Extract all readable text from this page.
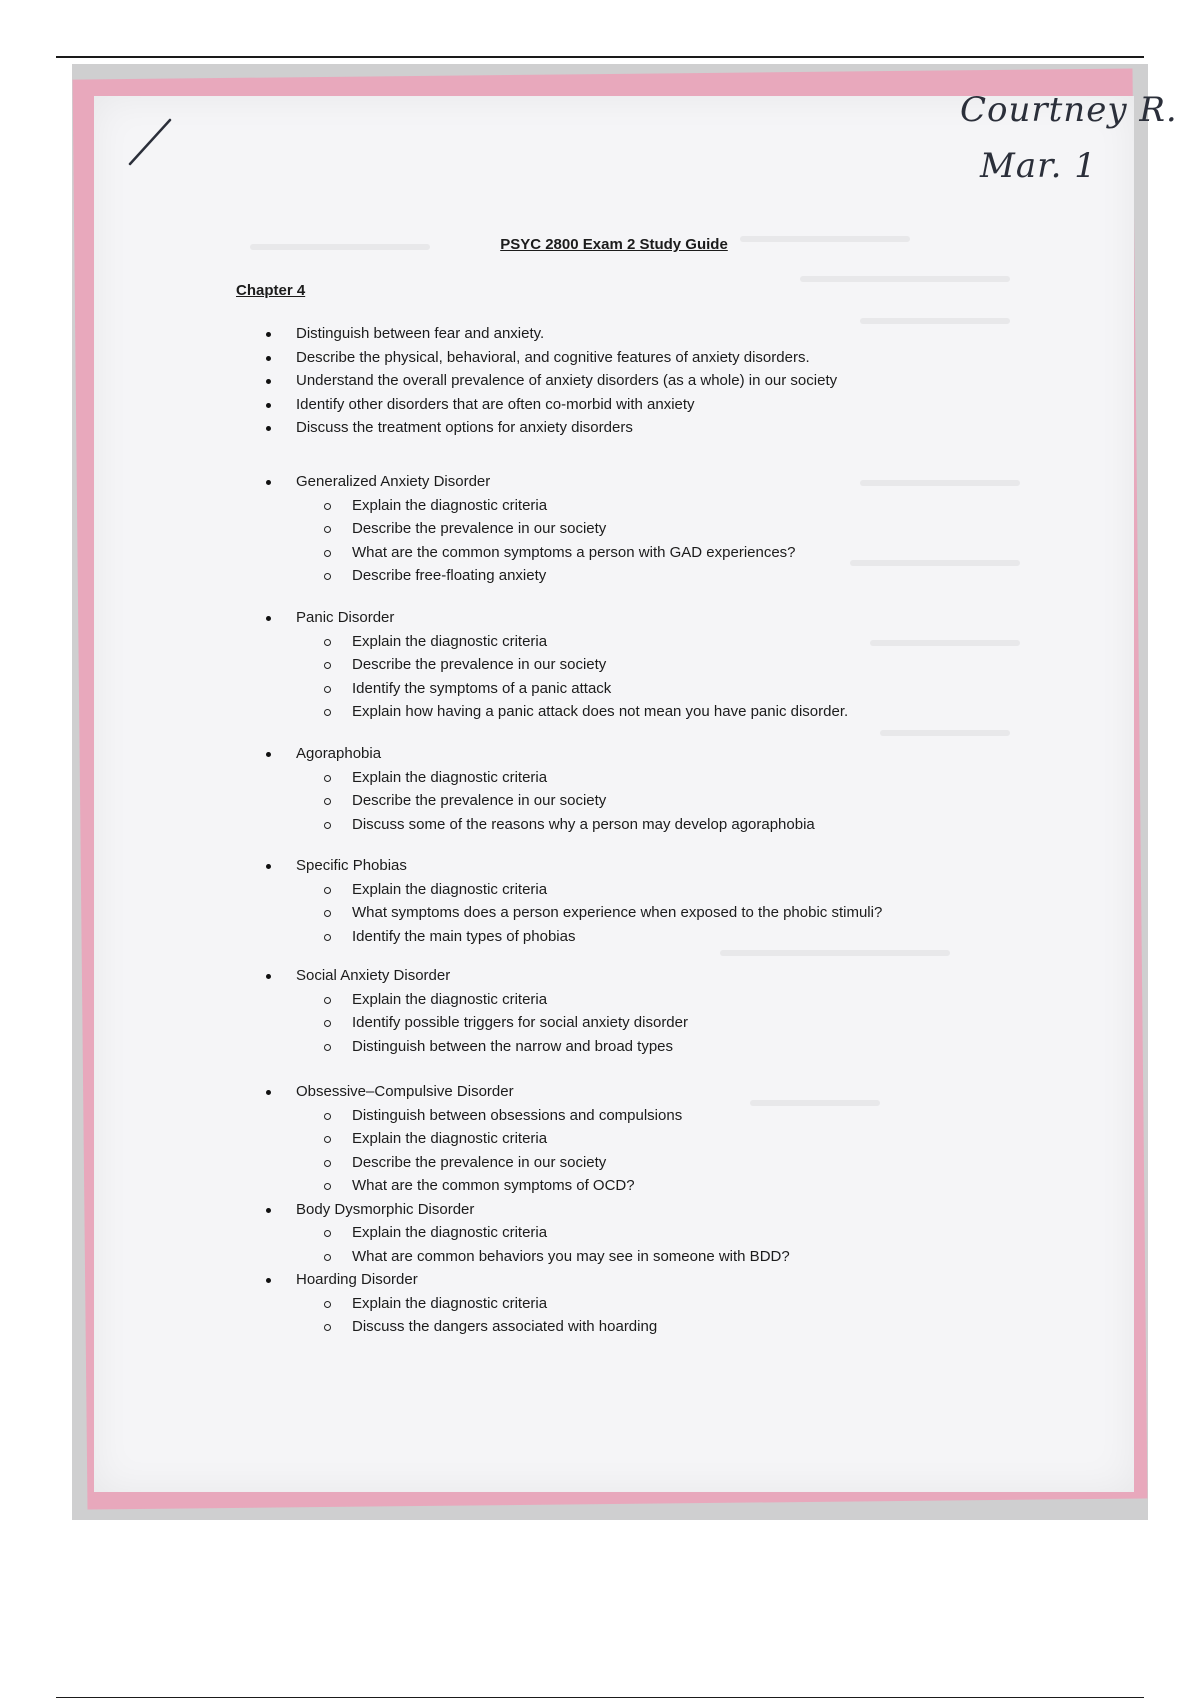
Courtney R.
Mar. 1
PSYC 2800 Exam 2 Study Guide
Chapter 4
Distinguish between fear and anxiety.
Describe the physical, behavioral, and cognitive features of anxiety disorders.
Understand the overall prevalence of anxiety disorders (as a whole) in our society
Identify other disorders that are often co-morbid with anxiety
Discuss the treatment options for anxiety disorders
Generalized Anxiety Disorder
Explain the diagnostic criteria
Describe the prevalence in our society
What are the common symptoms a person with GAD experiences?
Describe free-floating anxiety
Panic Disorder
Explain the diagnostic criteria
Describe the prevalence in our society
Identify the symptoms of a panic attack
Explain how having a panic attack does not mean you have panic disorder.
Agoraphobia
Explain the diagnostic criteria
Describe the prevalence in our society
Discuss some of the reasons why a person may develop agoraphobia
Specific Phobias
Explain the diagnostic criteria
What symptoms does a person experience when exposed to the phobic stimuli?
Identify the main types of phobias
Social Anxiety Disorder
Explain the diagnostic criteria
Identify possible triggers for social anxiety disorder
Distinguish between the narrow and broad types
Obsessive–Compulsive Disorder
Distinguish between obsessions and compulsions
Explain the diagnostic criteria
Describe the prevalence in our society
What are the common symptoms of OCD?
Body Dysmorphic Disorder
Explain the diagnostic criteria
What are common behaviors you may see in someone with BDD?
Hoarding Disorder
Explain the diagnostic criteria
Discuss the dangers associated with hoarding
